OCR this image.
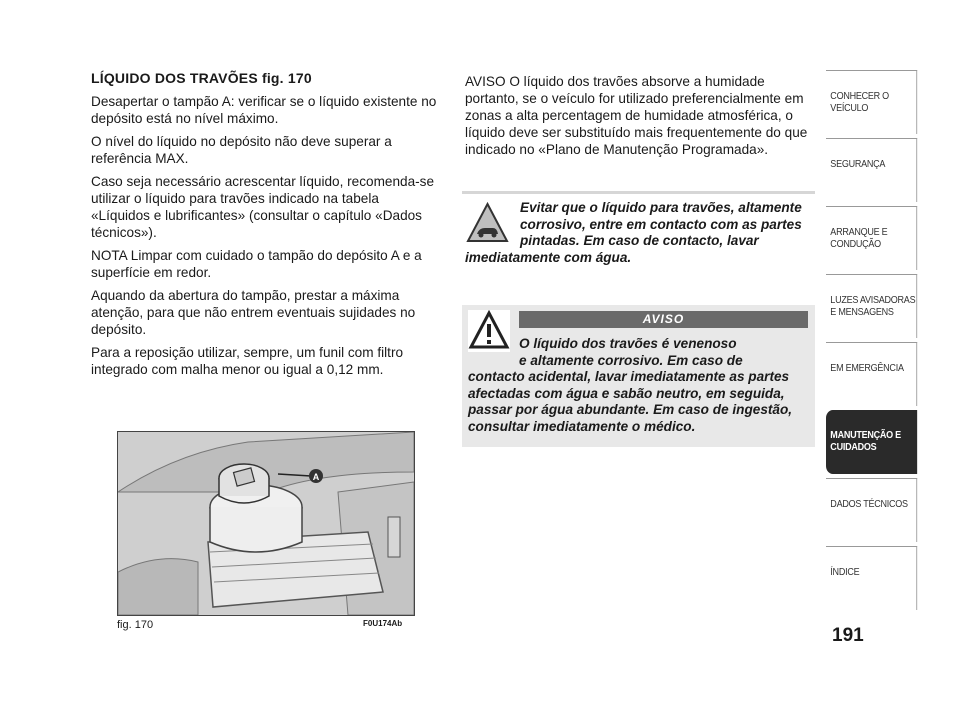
LÍQUIDO DOS TRAVÕES fig. 170

Desapertar o tampão A: verificar se o líquido existente no depósito está no nível máximo.

O nível do líquido no depósito não deve superar a referência MAX.

Caso seja necessário acrescentar líquido, recomenda-se utilizar o líquido para travões indicado na tabela «Líquidos e lubrificantes» (consultar o capítulo «Dados técnicos»).

NOTA Limpar com cuidado o tampão do depósito A e a superfície em redor.

Aquando da abertura do tampão, prestar a máxima atenção, para que não entrem eventuais sujidades no depósito.

Para a reposição utilizar, sempre, um funil com filtro integrado com malha menor ou igual a 0,12 mm.

A
fig. 170	F0U174Ab

AVISO O líquido dos travões absorve a humidade portanto, se o veículo for utilizado preferencialmente em zonas a alta percentagem de humidade atmosférica, o líquido deve ser substituído mais frequentemente do que indicado no «Plano de Manutenção Programada».

Evitar que o líquido para travões, altamente corrosivo, entre em contacto com as partes pintadas. Em caso de contacto, lavar imediatamente com água.
AVISO
O líquido dos travões é venenoso
e altamente corrosivo. Em caso de
contacto acidental, lavar imediatamente as partes afectadas com água e sabão neutro, em seguida, passar por água abundante. Em caso de ingestão, consultar imediatamente o médico.
CONHECER O VEÍCULO
SEGURANÇA
ARRANQUE E CONDUÇÃO
LUZES AVISADORAS E MENSAGENS
EM EMERGÊNCIA
MANUTENÇÃO E CUIDADOS
DADOS TÉCNICOS
ÍNDICE
191
